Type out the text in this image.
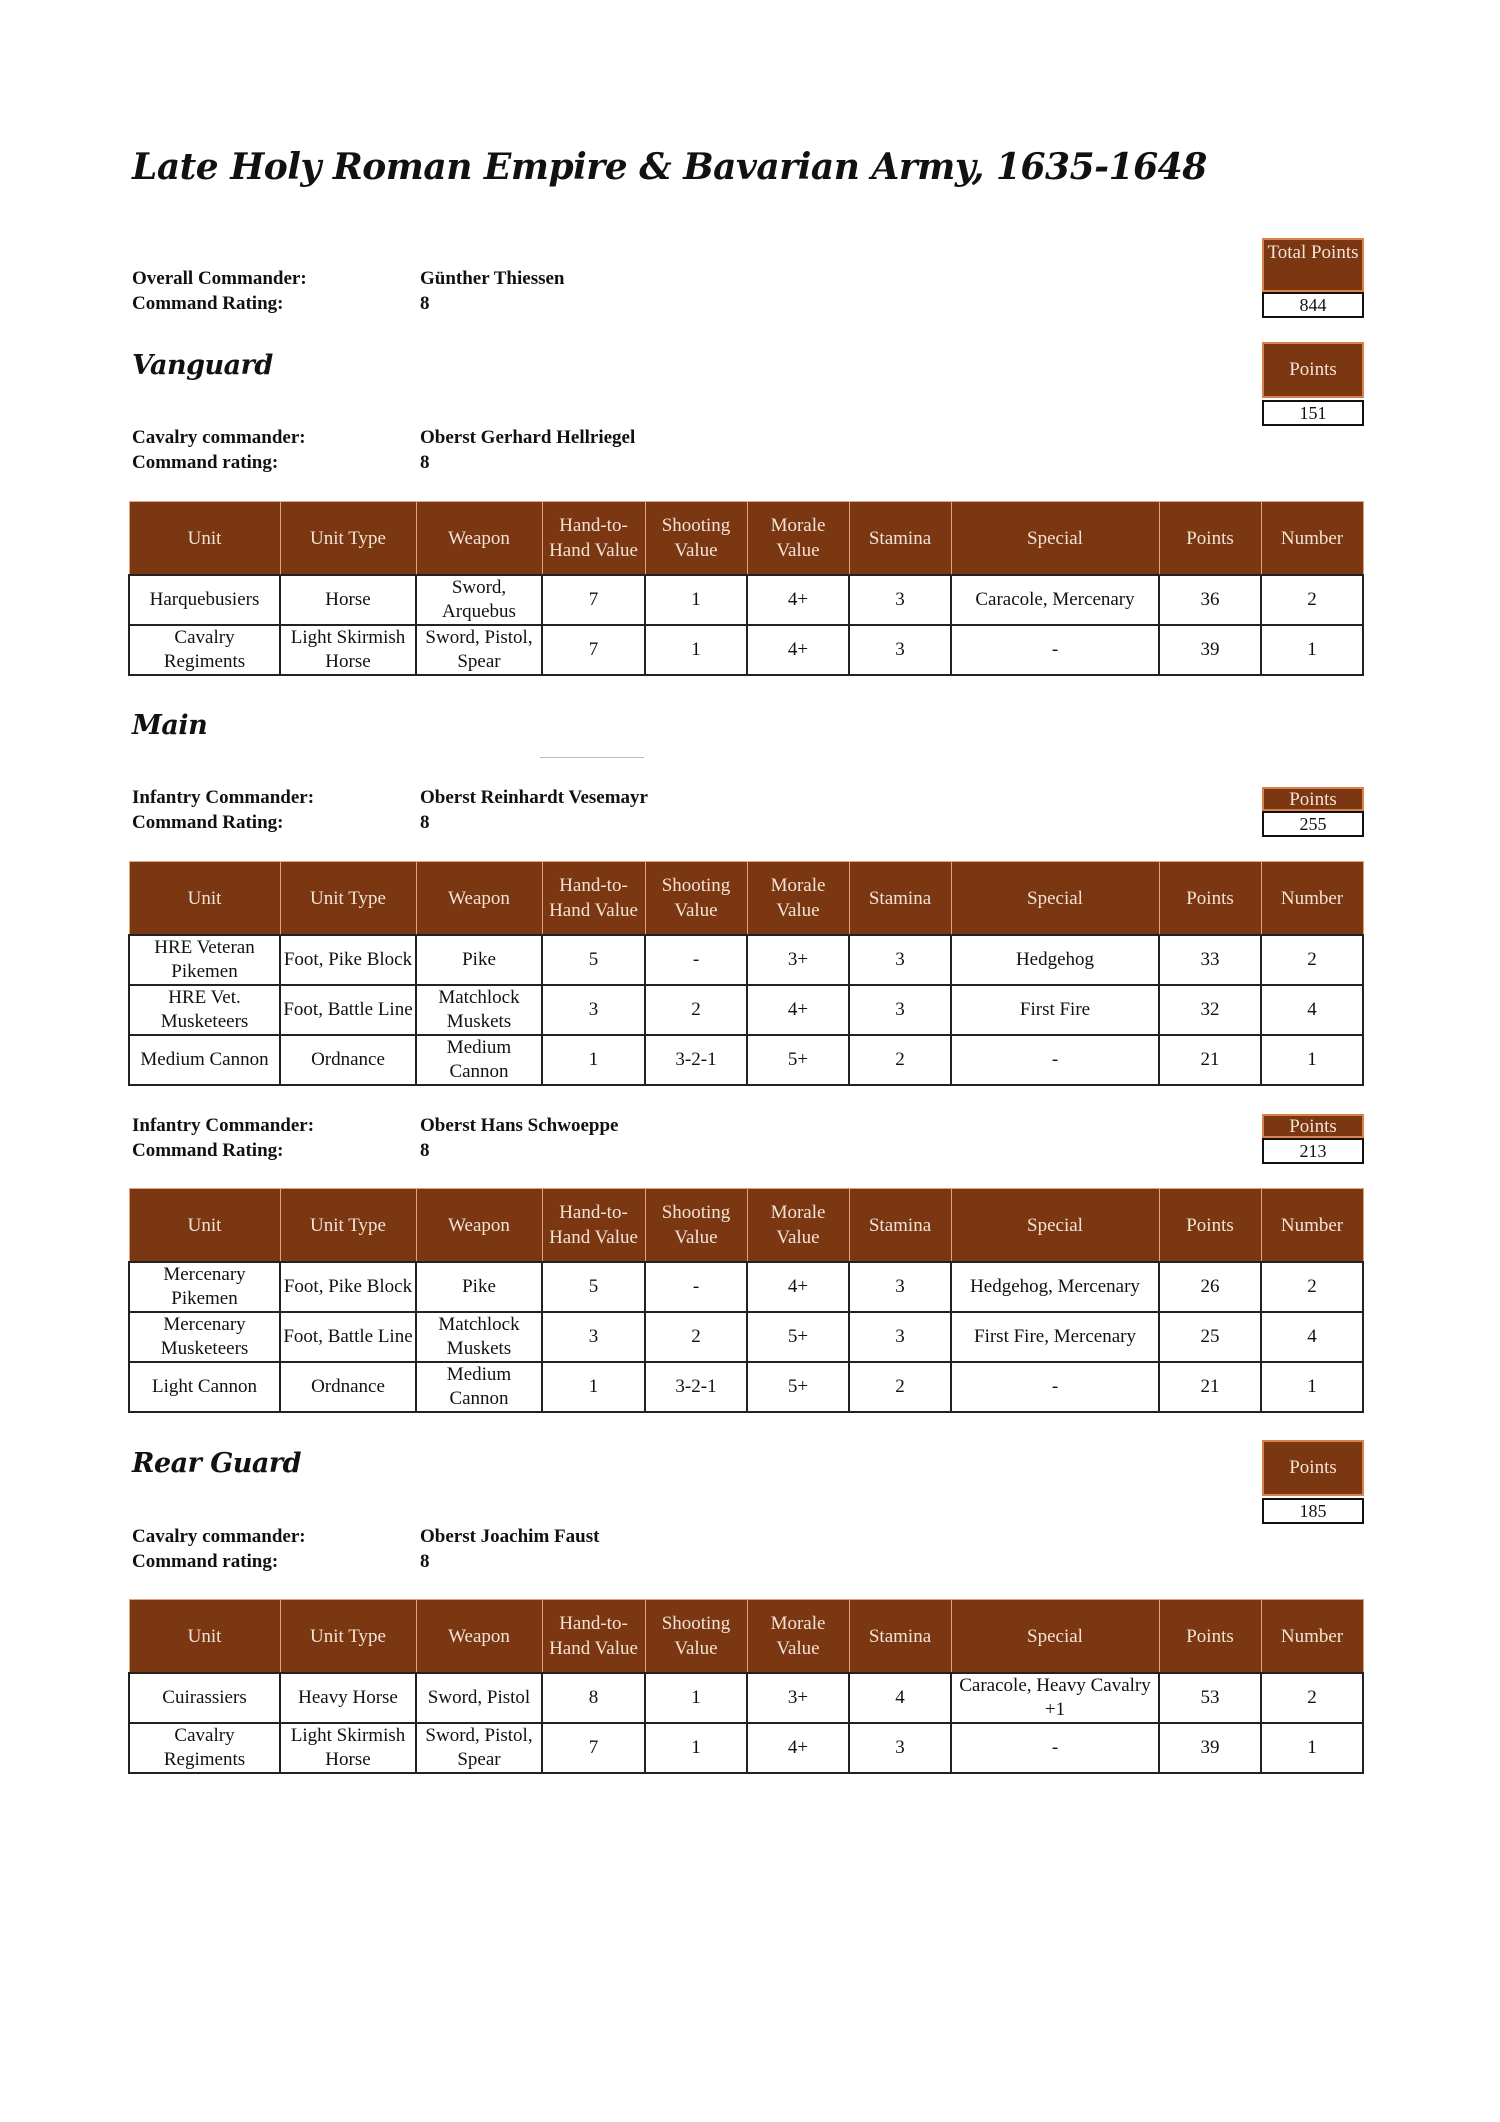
Late Holy Roman Empire & Bavarian Army, 1635-1648
Overall Commander:	Günther Thiessen
Command Rating:	8
Total Points
844
Vanguard	Points
151
Cavalry commander:	Oberst Gerhard Hellriegel
Command rating:	8
Unit	Unit Type	Weapon	Hand-to-Hand Value	Shooting Value	Morale Value	Stamina	Special	Points	Number
Harquebusiers	Horse	Sword, Arquebus	7	1	4+	3	Caracole, Mercenary	36	2
Cavalry Regiments	Light Skirmish Horse	Sword, Pistol, Spear	7	1	4+	3	-	39	1
Main
Infantry Commander:	Oberst Reinhardt Vesemayr
Command Rating:	8
Points
255
Unit	Unit Type	Weapon	Hand-to-Hand Value	Shooting Value	Morale Value	Stamina	Special	Points	Number
HRE Veteran Pikemen	Foot, Pike Block	Pike	5	-	3+	3	Hedgehog	33	2
HRE Vet. Musketeers	Foot, Battle Line	Matchlock Muskets	3	2	4+	3	First Fire	32	4
Medium Cannon	Ordnance	Medium Cannon	1	3-2-1	5+	2	-	21	1
Infantry Commander:	Oberst Hans Schwoeppe
Command Rating:	8
Points
213
Unit	Unit Type	Weapon	Hand-to-Hand Value	Shooting Value	Morale Value	Stamina	Special	Points	Number
Mercenary Pikemen	Foot, Pike Block	Pike	5	-	4+	3	Hedgehog, Mercenary	26	2
Mercenary Musketeers	Foot, Battle Line	Matchlock Muskets	3	2	5+	3	First Fire, Mercenary	25	4
Light Cannon	Ordnance	Medium Cannon	1	3-2-1	5+	2	-	21	1
Rear Guard	Points
185
Cavalry commander:	Oberst Joachim Faust
Command rating:	8
Unit	Unit Type	Weapon	Hand-to-Hand Value	Shooting Value	Morale Value	Stamina	Special	Points	Number
Cuirassiers	Heavy Horse	Sword, Pistol	8	1	3+	4	Caracole, Heavy Cavalry +1	53	2
Cavalry Regiments	Light Skirmish Horse	Sword, Pistol, Spear	7	1	4+	3	-	39	1
